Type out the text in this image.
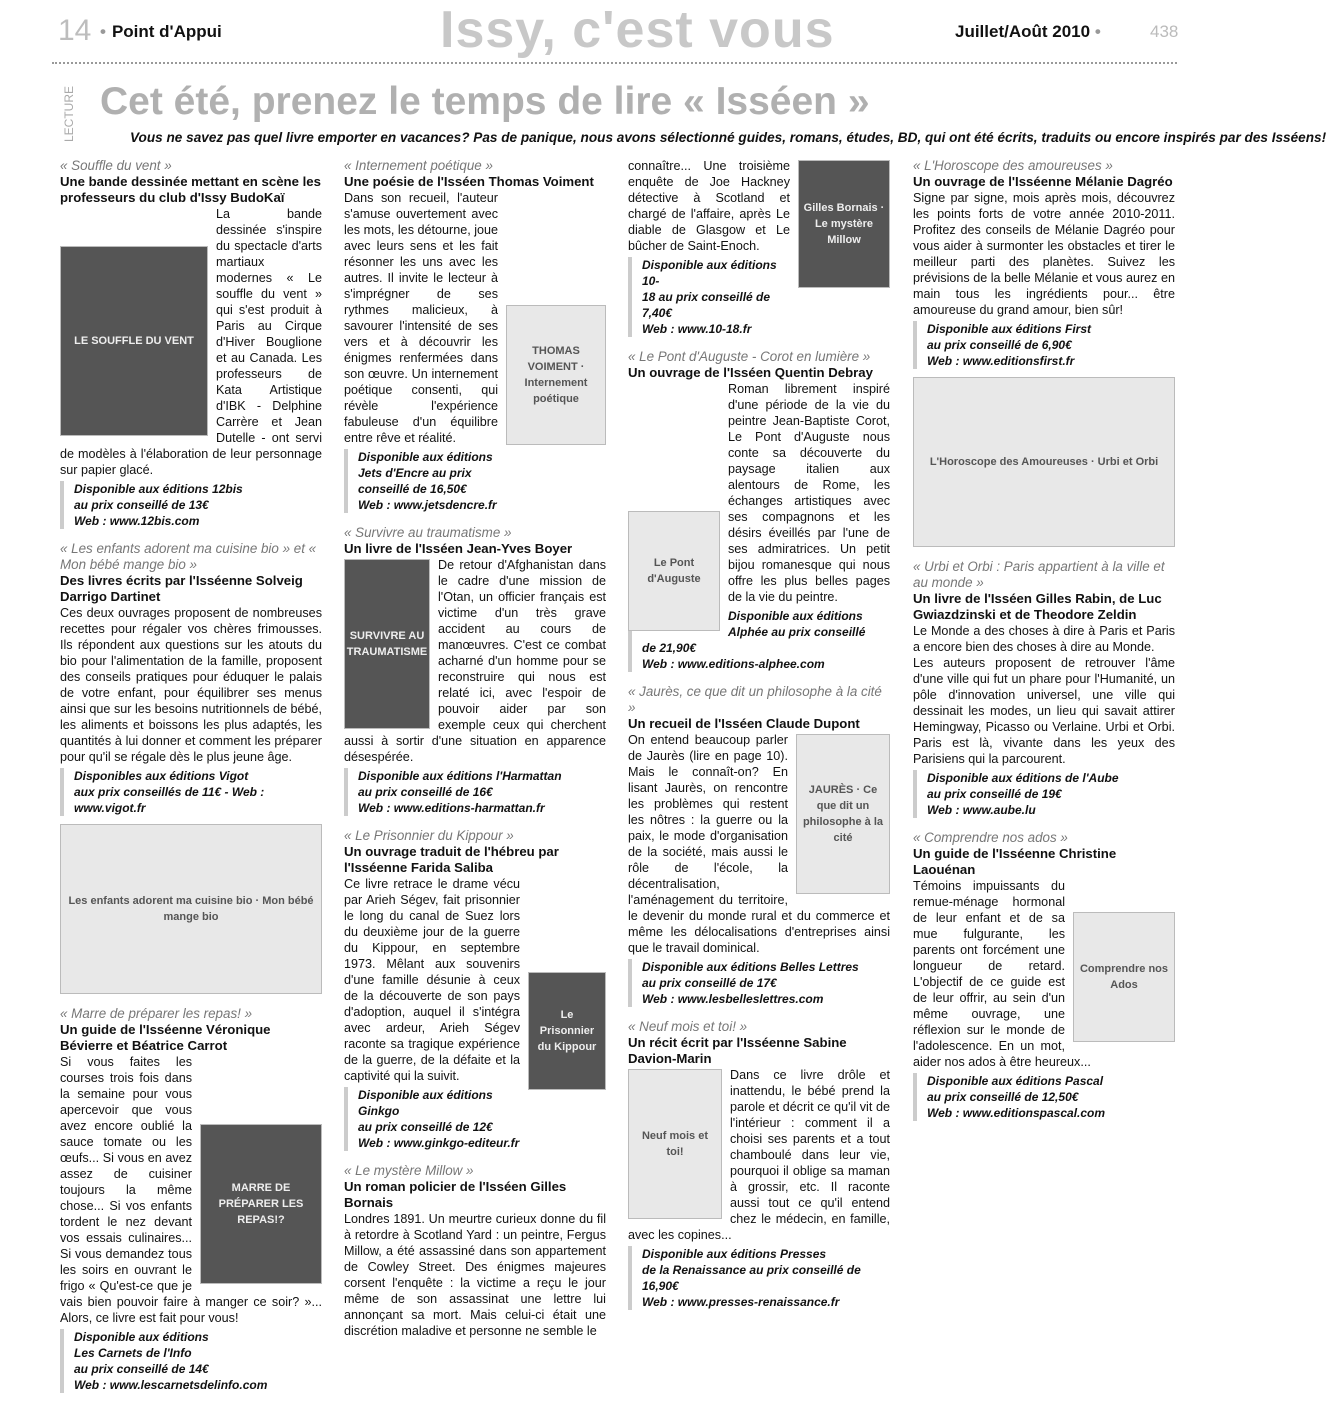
14 • Point d'Appui	Issy, c'est vous	Juillet/Août 2010 •	438
LECTURE Cet été, prenez le temps de lire « Isséen »
Vous ne savez pas quel livre emporter en vacances? Pas de panique, nous avons sélectionné guides, romans, études, BD, qui ont été écrits, traduits ou encore inspirés par des Isséens!
« Souffle du vent »
Une bande dessinée mettant en scène les professeurs du club d'Issy BudoKaï
LE SOUFFLE DU VENT
La bande dessinée s'inspire du spectacle d'arts martiaux modernes « Le souffle du vent » qui s'est produit à Paris au Cirque d'Hiver Bouglione et au Canada. Les professeurs de Kata Artistique d'IBK - Delphine Carrère et Jean Dutelle - ont servi de modèles à l'élaboration de leur personnage sur papier glacé.
Disponible aux éditions 12bis
au prix conseillé de 13€
Web : www.12bis.com
« Les enfants adorent ma cuisine bio » et « Mon bébé mange bio »
Des livres écrits par l'Isséenne Solveig Darrigo Dartinet
Ces deux ouvrages proposent de nombreuses recettes pour régaler vos chères frimousses. Ils répondent aux questions sur les atouts du bio pour l'alimentation de la famille, proposent des conseils pratiques pour éduquer le palais de votre enfant, pour équilibrer ses menus ainsi que sur les besoins nutritionnels de bébé, les aliments et boissons les plus adaptés, les quantités à lui donner et comment les préparer pour qu'il se régale dès le plus jeune âge.
Disponibles aux éditions Vigot
aux prix conseillés de 11€ - Web : www.vigot.fr
Les enfants adorent ma cuisine bio · Mon bébé mange bio
« Marre de préparer les repas! »
Un guide de l'Isséenne Véronique Bévierre et Béatrice Carrot
MARRE DE PRÉPARER LES REPAS!?
Si vous faites les courses trois fois dans la semaine pour vous apercevoir que vous avez encore oublié la sauce tomate ou les œufs... Si vous en avez assez de cuisiner toujours la même chose... Si vos enfants tordent le nez devant vos essais culinaires... Si vous demandez tous les soirs en ouvrant le frigo « Qu'est-ce que je vais bien pouvoir faire à manger ce soir? »... Alors, ce livre est fait pour vous!
Disponible aux éditions
Les Carnets de l'Info
au prix conseillé de 14€
Web : www.lescarnetsdelinfo.com
« Internement poétique »
Une poésie de l'Isséen Thomas Voiment
THOMAS VOIMENT · Internement poétique
Dans son recueil, l'auteur s'amuse ouvertement avec les mots, les détourne, joue avec leurs sens et les fait résonner les uns avec les autres. Il invite le lecteur à s'imprégner de ses rythmes malicieux, à savourer l'intensité de ses vers et à découvrir les énigmes renfermées dans son œuvre. Un internement poétique consenti, qui révèle l'expérience fabuleuse d'un équilibre entre rêve et réalité.
Disponible aux éditions
Jets d'Encre au prix
conseillé de 16,50€
Web : www.jetsdencre.fr
« Survivre au traumatisme »
Un livre de l'Isséen Jean-Yves Boyer
SURVIVRE AU TRAUMATISME
De retour d'Afghanistan dans le cadre d'une mission de l'Otan, un officier français est victime d'un très grave accident au cours de manœuvres. C'est ce combat acharné d'un homme pour se reconstruire qui nous est relaté ici, avec l'espoir de pouvoir aider par son exemple ceux qui cherchent aussi à sortir d'une situation en apparence désespérée.
Disponible aux éditions l'Harmattan
au prix conseillé de 16€
Web : www.editions-harmattan.fr
« Le Prisonnier du Kippour »
Un ouvrage traduit de l'hébreu par l'Isséenne Farida Saliba
Le Prisonnier du Kippour
Ce livre retrace le drame vécu par Arieh Ségev, fait prisonnier le long du canal de Suez lors du deuxième jour de la guerre du Kippour, en septembre 1973. Mêlant aux souvenirs d'une famille désunie à ceux de la découverte de son pays d'adoption, auquel il s'intégra avec ardeur, Arieh Ségev raconte sa tragique expérience de la guerre, de la défaite et la captivité qui la suivit.
Disponible aux éditions Ginkgo
au prix conseillé de 12€
Web : www.ginkgo-editeur.fr
« Le mystère Millow »
Un roman policier de l'Isséen Gilles Bornais
Londres 1891. Un meurtre curieux donne du fil à retordre à Scotland Yard : un peintre, Fergus Millow, a été assassiné dans son appartement de Cowley Street. Des énigmes majeures corsent l'enquête : la victime a reçu le jour même de son assassinat une lettre lui annonçant sa mort. Mais celui-ci était une discrétion maladive et personne ne semble le
Gilles Bornais · Le mystère Millow
connaître... Une troisième enquête de Joe Hackney détective à Scotland et chargé de l'affaire, après Le diable de Glasgow et Le bûcher de Saint-Enoch.
Disponible aux éditions 10-
18 au prix conseillé de 7,40€
Web : www.10-18.fr
« Le Pont d'Auguste - Corot en lumière »
Un ouvrage de l'Isséen Quentin Debray
Le Pont d'Auguste
Roman librement inspiré d'une période de la vie du peintre Jean-Baptiste Corot, Le Pont d'Auguste nous conte sa découverte du paysage italien aux alentours de Rome, les échanges artistiques avec ses compagnons et les désirs éveillés par l'une de ses admiratrices. Un petit bijou romanesque qui nous offre les plus belles pages de la vie du peintre.
Disponible aux éditions
Alphée au prix conseillé
de 21,90€
Web : www.editions-alphee.com
« Jaurès, ce que dit un philosophe à la cité »
Un recueil de l'Isséen Claude Dupont
JAURÈS · Ce que dit un philosophe à la cité
On entend beaucoup parler de Jaurès (lire en page 10). Mais le connaît-on? En lisant Jaurès, on rencontre les problèmes qui restent les nôtres : la guerre ou la paix, le mode d'organisation de la société, mais aussi le rôle de l'école, la décentralisation, l'aménagement du territoire, le devenir du monde rural et du commerce et même les délocalisations d'entreprises ainsi que le travail dominical.
Disponible aux éditions Belles Lettres
au prix conseillé de 17€
Web : www.lesbelleslettres.com
« Neuf mois et toi! »
Un récit écrit par l'Isséenne Sabine Davion-Marin
Neuf mois et toi!
Dans ce livre drôle et inattendu, le bébé prend la parole et décrit ce qu'il vit de l'intérieur : comment il a choisi ses parents et a tout chamboulé dans leur vie, pourquoi il oblige sa maman à grossir, etc. Il raconte aussi tout ce qu'il entend chez le médecin, en famille, avec les copines...
Disponible aux éditions Presses
de la Renaissance au prix conseillé de 16,90€
Web : www.presses-renaissance.fr
« L'Horoscope des amoureuses »
Un ouvrage de l'Isséenne Mélanie Dagréo
Signe par signe, mois après mois, découvrez les points forts de votre année 2010-2011. Profitez des conseils de Mélanie Dagréo pour vous aider à surmonter les obstacles et tirer le meilleur parti des planètes. Suivez les prévisions de la belle Mélanie et vous aurez en main tous les ingrédients pour... être amoureuse du grand amour, bien sûr!
Disponible aux éditions First
au prix conseillé de 6,90€
Web : www.editionsfirst.fr
L'Horoscope des Amoureuses · Urbi et Orbi
« Urbi et Orbi : Paris appartient à la ville et au monde »
Un livre de l'Isséen Gilles Rabin, de Luc Gwiazdzinski et de Theodore Zeldin
Le Monde a des choses à dire à Paris et Paris a encore bien des choses à dire au Monde.
Les auteurs proposent de retrouver l'âme d'une ville qui fut un phare pour l'Humanité, un pôle d'innovation universel, une ville qui dessinait les modes, un lieu qui savait attirer Hemingway, Picasso ou Verlaine. Urbi et Orbi. Paris est là, vivante dans les yeux des Parisiens qui la parcourent.
Disponible aux éditions de l'Aube
au prix conseillé de 19€
Web : www.aube.lu
« Comprendre nos ados »
Un guide de l'Isséenne Christine Laouénan
Comprendre nos Ados
Témoins impuissants du remue-ménage hormonal de leur enfant et de sa mue fulgurante, les parents ont forcément une longueur de retard. L'objectif de ce guide est de leur offrir, au sein d'un même ouvrage, une réflexion sur le monde de l'adolescence. En un mot, aider nos ados à être heureux...
Disponible aux éditions Pascal
au prix conseillé de 12,50€
Web : www.editionspascal.com
